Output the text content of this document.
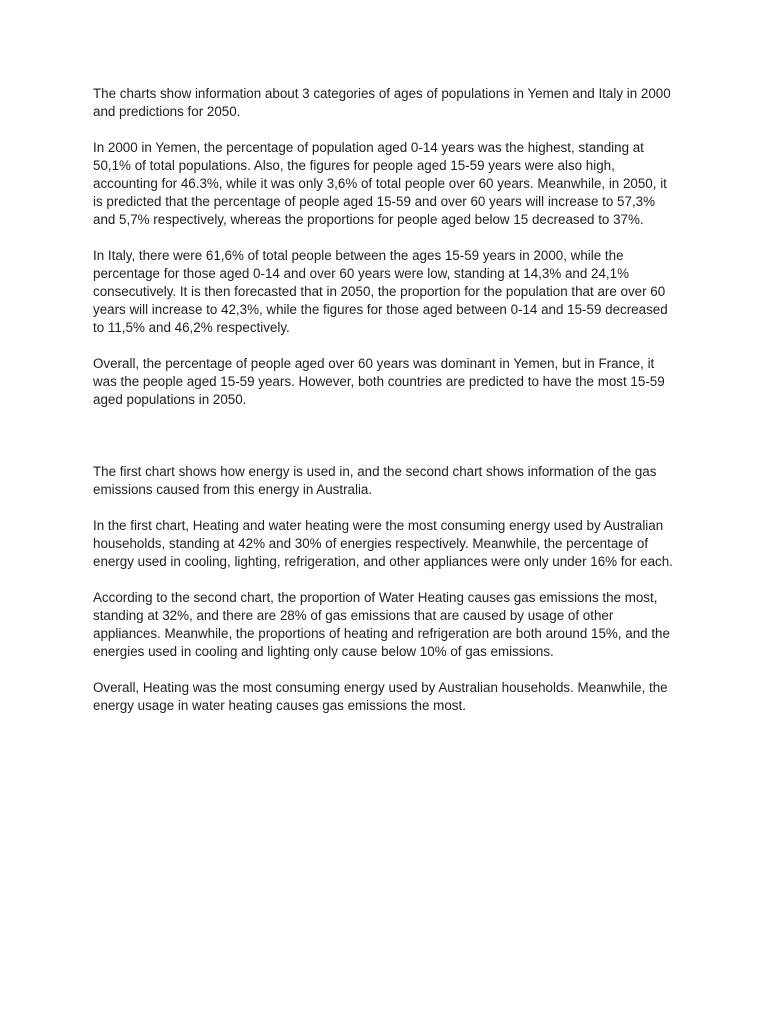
The charts show information about 3 categories of ages of populations in Yemen and Italy in 2000 and predictions for 2050.

In 2000 in Yemen, the percentage of population aged 0-14 years was the highest, standing at 50,1% of total populations. Also, the figures for people aged 15-59 years were also high, accounting for 46.3%, while it was only 3,6% of total people over 60 years. Meanwhile, in 2050, it is predicted that the percentage of people aged 15-59 and over 60 years will increase to 57,3% and 5,7% respectively, whereas the proportions for people aged below 15 decreased to 37%.

In Italy, there were 61,6% of total people between the ages 15-59 years in 2000, while the percentage for those aged 0-14 and over 60 years were low, standing at 14,3% and 24,1% consecutively. It is then forecasted that in 2050, the proportion for the population that are over 60 years will increase to 42,3%, while the figures for those aged between 0-14 and 15-59 decreased to 11,5% and 46,2% respectively.

Overall, the percentage of people aged over 60 years was dominant in Yemen, but in France, it was the people aged 15-59 years. However, both countries are predicted to have the most 15-59 aged populations in 2050.

The first chart shows how energy is used in, and the second chart shows information of the gas emissions caused from this energy in Australia.

In the first chart, Heating and water heating were the most consuming energy used by Australian households, standing at 42% and 30% of energies respectively. Meanwhile, the percentage of energy used in cooling, lighting, refrigeration, and other appliances were only under 16% for each.

According to the second chart, the proportion of Water Heating causes gas emissions the most, standing at 32%, and there are 28% of gas emissions that are caused by usage of other appliances. Meanwhile, the proportions of heating and refrigeration are both around 15%, and the energies used in cooling and lighting only cause below 10% of gas emissions.

Overall, Heating was the most consuming energy used by Australian households. Meanwhile, the energy usage in water heating causes gas emissions the most.
